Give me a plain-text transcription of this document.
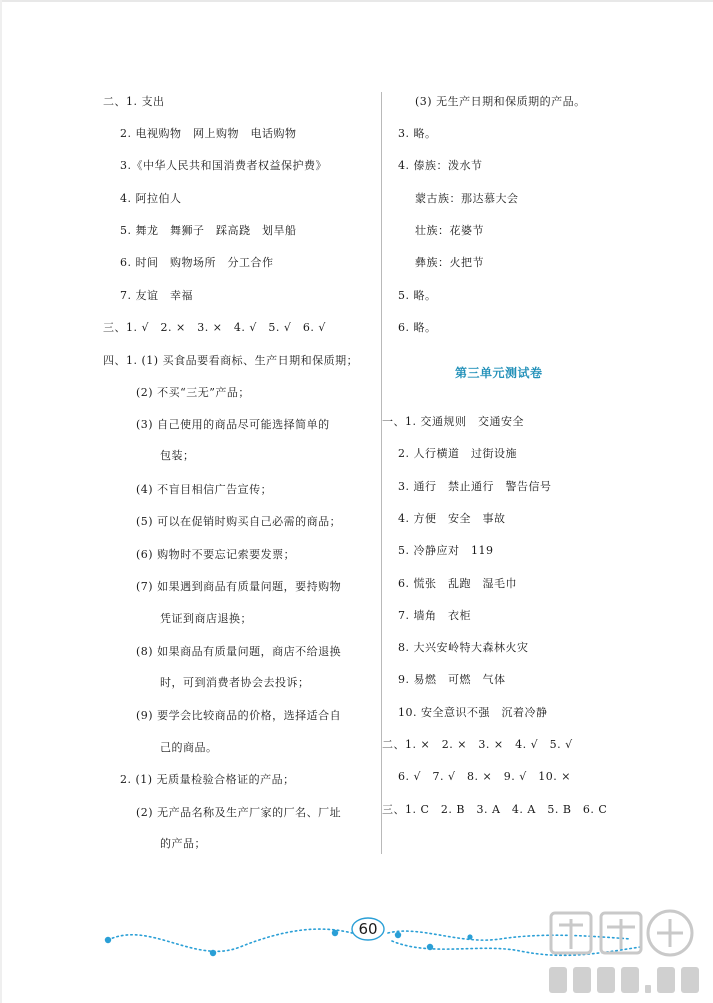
二、1. 支出
2. 电视购物　网上购物　电话购物
3.《中华人民共和国消费者权益保护费》
4. 阿拉伯人
5. 舞龙　舞狮子　踩高跷　划旱船
6. 时间　购物场所　分工合作
7. 友谊　幸福
三、1. √　2. ×　3. ×　4. √　5. √　6. √
四、1. (1) 买食品要看商标、生产日期和保质期；
(2) 不买“三无”产品；
(3) 自己使用的商品尽可能选择简单的
包装；
(4) 不盲目相信广告宣传；
(5) 可以在促销时购买自己必需的商品；
(6) 购物时不要忘记索要发票；
(7) 如果遇到商品有质量问题，要持购物
凭证到商店退换；
(8) 如果商品有质量问题，商店不给退换
时，可到消费者协会去投诉；
(9) 要学会比较商品的价格，选择适合自
己的商品。
2. (1) 无质量检验合格证的产品；
(2) 无产品名称及生产厂家的厂名、厂址
的产品；
(3) 无生产日期和保质期的产品。
3. 略。
4. 傣族：泼水节
蒙古族：那达慕大会
壮族：花婆节
彝族：火把节
5. 略。
6. 略。
第三单元测试卷
一、1. 交通规则　交通安全
2. 人行横道　过街设施
3. 通行　禁止通行　警告信号
4. 方便　安全　事故
5. 冷静应对　119
6. 慌张　乱跑　湿毛巾
7. 墙角　衣柜
8. 大兴安岭特大森林火灾
9. 易燃　可燃　气体
10. 安全意识不强　沉着冷静
二、1. ×　2. ×　3. ×　4. √　5. √
6. √　7. √　8. ×　9. √　10. ×
三、1. C　2. B　3. A　4. A　5. B　6. C
60
